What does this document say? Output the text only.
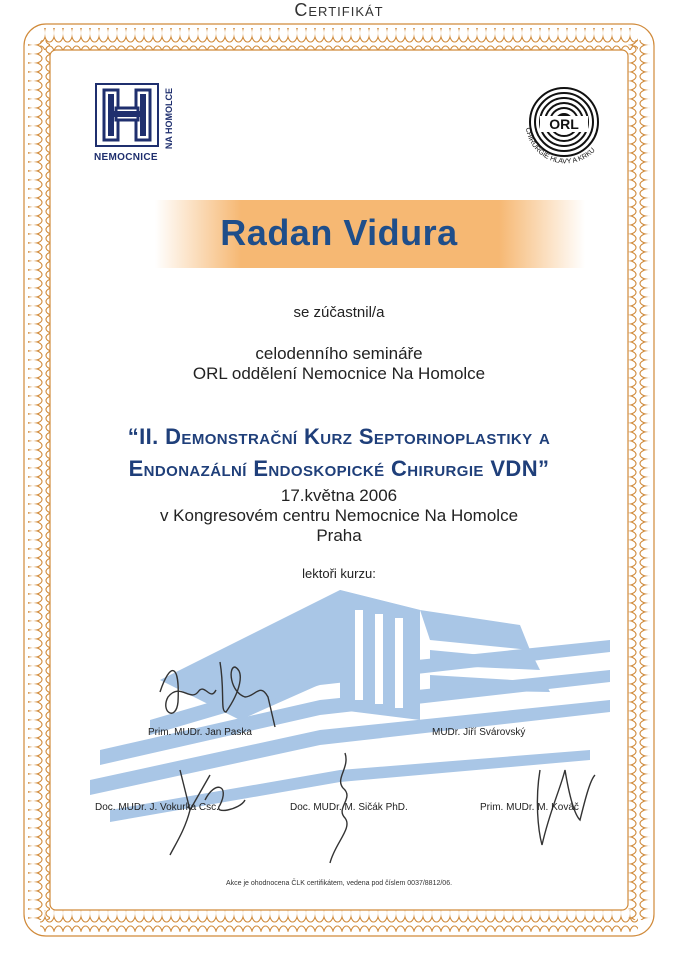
NEMOCNICE
NA HOMOLCE
Certifikát
ORL
CHIRURGIE HLAVY A KRKU
Radan Vidura
se zúčastnil/a
celodenního semináře
ORL oddělení Nemocnice Na Homolce
“II. Demonstrační Kurz Septorinoplastiky a
Endonazální Endoskopické Chirurgie VDN”
17.května 2006
v Kongresovém centru Nemocnice Na Homolce
Praha
lektoři kurzu:
Prim. MUDr. Jan Paska	MUDr. Jiří Svárovský
Doc. MUDr. J. Vokurka Csc.	Doc. MUDr. M. Sičák PhD.	Prim. MUDr. M. Kováč
Akce je ohodnocena ČLK certifikátem, vedena pod číslem 0037/8812/06.
